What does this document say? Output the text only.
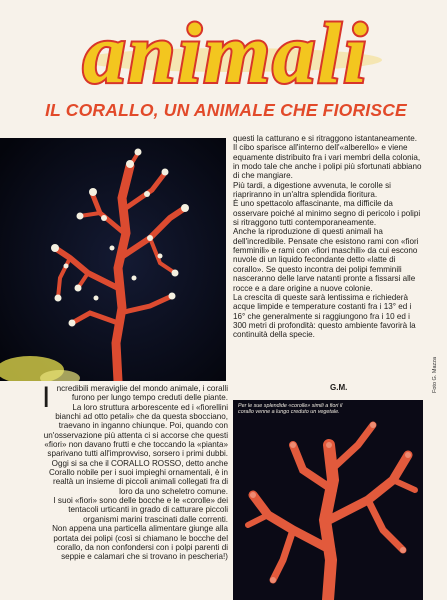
animali
IL CORALLO, UN ANIMALE CHE FIORISCE
Per le sue splendide «corolle» simili a fiori il corallo venne a lungo creduto un vegetale.

Incredibili meraviglie del mondo animale, i coralli furono per lungo tempo creduti delle piante.

La loro struttura arborescente ed i «fiorellini bianchi ad otto petali» che da questa sbocciano, traevano in inganno chiunque. Poi, quando con un'osservazione più attenta ci si accorse che questi «fiori» non davano frutti e che toccando la «pianta» sparivano tutti all'improvviso, sorsero i primi dubbi.

Oggi si sa che il CORALLO ROSSO, detto anche Corallo nobile per i suoi impieghi ornamentali, è in realtà un insieme di piccoli animali collegati fra di loro da uno scheletro comune.

I suoi «fiori» sono delle bocche e le «corolle» dei tentacoli urticanti in grado di catturare piccoli organismi marini trascinati dalle correnti.

Non appena una particella alimentare giunge alla portata dei polipi (così si chiamano le bocche del corallo, da non confondersi con i polpi parenti di seppie e calamari che si trovano in pescheria!)

questi la catturano e si ritraggono istantaneamente.

Il cibo sparisce all'interno dell'«alberello» e viene equamente distribuito fra i vari membri della colonia, in modo tale che anche i polipi più sfortunati abbiano di che mangiare.

Più tardi, a digestione avvenuta, le corolle si riapriranno in un'altra splendida fioritura.

È uno spettacolo affascinante, ma difficile da osservare poiché al minimo segno di pericolo i polipi si ritraggono tutti contemporaneamente.

Anche la riproduzione di questi animali ha dell'incredibile. Pensate che esistono rami con «fiori femminili» e rami con «fiori maschili» da cui escono nuvole di un liquido fecondante detto «latte di corallo». Se questo incontra dei polipi femminili nasceranno delle larve natanti pronte a fissarsi alle rocce e a dare origine a nuove colonie.

La crescita di queste sarà lentissima e richiederà acque limpide e temperature costanti fra i 13° ed i 16° che generalmente si raggiungono fra i 10 ed i 300 metri di profondità: questo ambiente favorirà la continuità della specie.

G.M.	Foto G. Mazza
